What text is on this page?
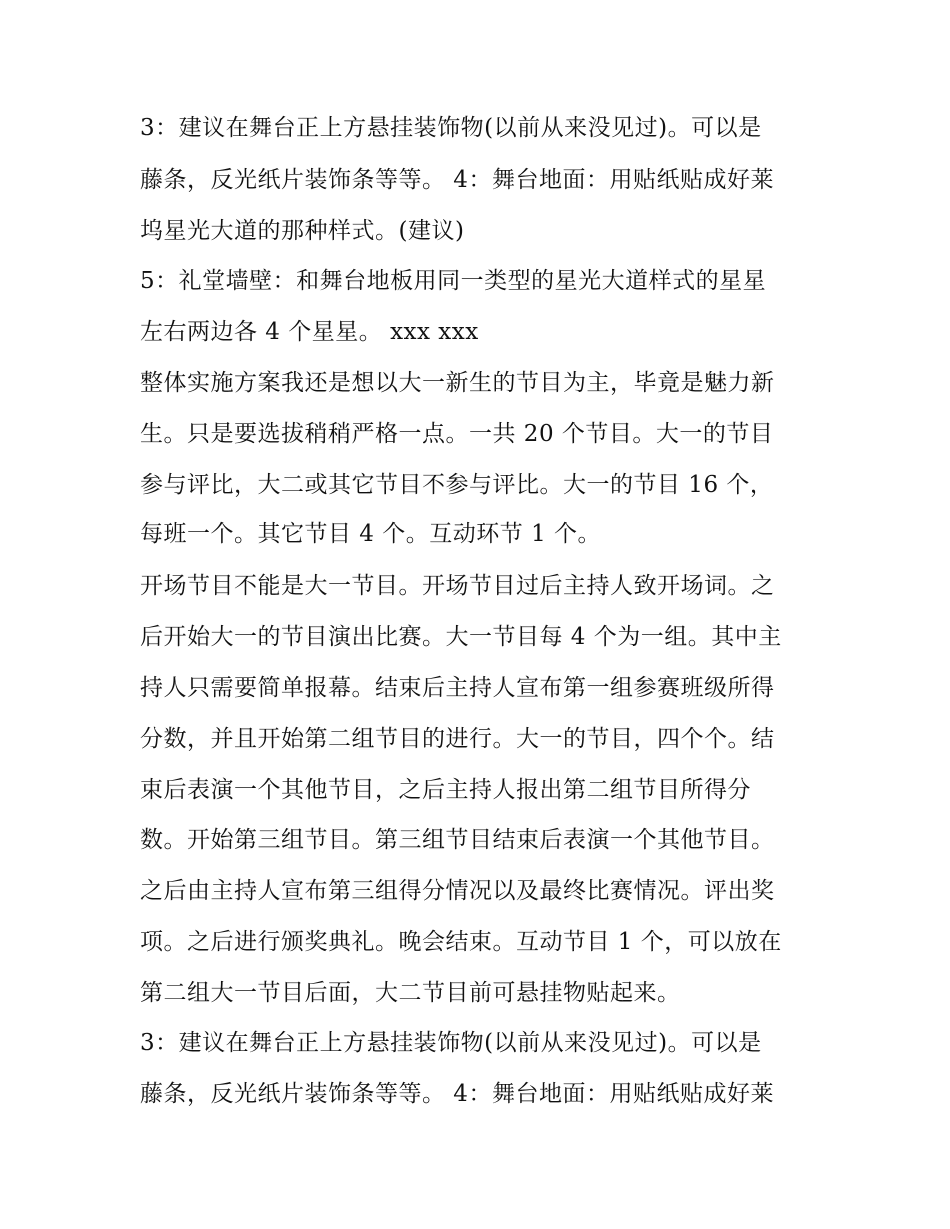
3：建议在舞台正上方悬挂装饰物(以前从来没见过)。可以是
藤条，反光纸片装饰条等等。 4：舞台地面：用贴纸贴成好莱
坞星光大道的那种样式。(建议)
5：礼堂墙壁：和舞台地板用同一类型的星光大道样式的星星
左右两边各 4 个星星。 xxx xxx
整体实施方案我还是想以大一新生的节目为主，毕竟是魅力新
生。只是要选拔稍稍严格一点。一共 20 个节目。大一的节目
参与评比，大二或其它节目不参与评比。大一的节目 16 个，
每班一个。其它节目 4 个。互动环节 1 个。
开场节目不能是大一节目。开场节目过后主持人致开场词。之
后开始大一的节目演出比赛。大一节目每 4 个为一组。其中主
持人只需要简单报幕。结束后主持人宣布第一组参赛班级所得
分数，并且开始第二组节目的进行。大一的节目，四个个。结
束后表演一个其他节目，之后主持人报出第二组节目所得分
数。开始第三组节目。第三组节目结束后表演一个其他节目。
之后由主持人宣布第三组得分情况以及最终比赛情况。评出奖
项。之后进行颁奖典礼。晚会结束。互动节目 1 个，可以放在
第二组大一节目后面，大二节目前可悬挂物贴起来。
3：建议在舞台正上方悬挂装饰物(以前从来没见过)。可以是
藤条，反光纸片装饰条等等。 4：舞台地面：用贴纸贴成好莱
